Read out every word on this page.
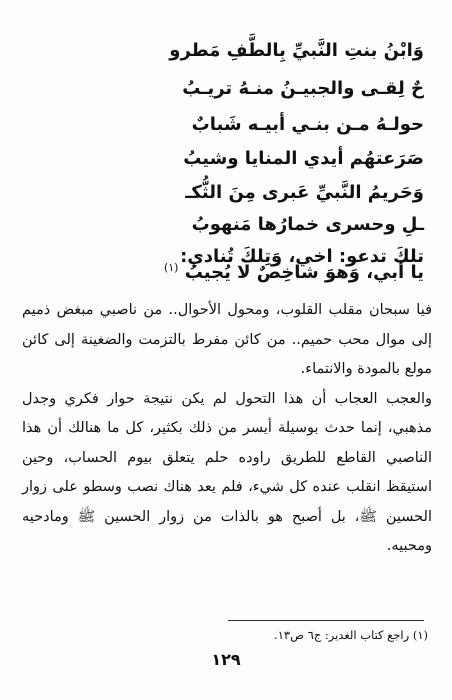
وَابْنُ بنتِ النَّبيِّ بِالطَّفِ مَطرو
حٌ لِقـى والجبيـنُ منـهُ تريـبُ
حولـهُ مـن بنـي أبيـه شَبابٌ
صَرَعتهُم أيدي المنايا وشيبُ
وَحَريمُ النَّبيِّ عَبرى مِنَ الثُّكـ
ـلِ وحسرى خمارُها مَنهوبُ
تلكَ تدعو: اخي، وَتِلكَ تُنادي:
يا أبي، وَهوَ شاخِصٌ لا يُجيبُ $^{(١)}$

فيا سبحان مقلب القلوب، ومحول الأحوال.. من ناصبي مبغض ذميم إلى موال محب حميم.. من كائن مفرط بالتزمت والضغينة إلى كائن مولع بالمودة والانتماء.

والعجب العجاب أن هذا التحول لم يكن نتيجة حوار فكري وجدل مذهبي، إنما حدث بوسيلة أيسر من ذلك بكثير، كل ما هنالك أن هذا الناصبي القاطع للطريق راوده حلم يتعلق بيوم الحساب، وحين استيقظ انقلب عنده كل شيء، فلم يعد هناك نصب وسطو على زوار الحسين ﷺ، بل أصبح هو بالذات من زوار الحسين ﷺ ومادحيه ومحبيه.

(١) راجع كتاب الغدير: ج٦ ص١٣.
١٢٩
